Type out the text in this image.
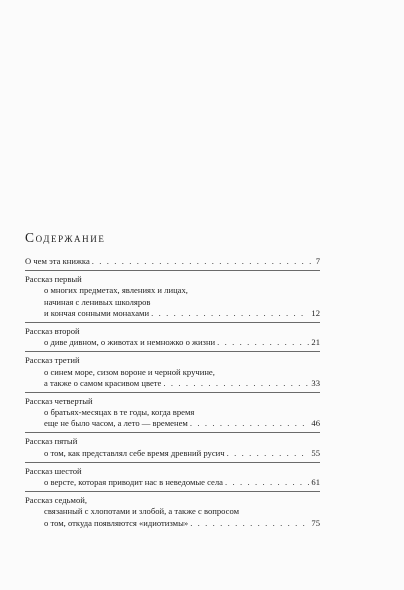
Содержание
О чем эта книжка . . .	7
Рассказ первый
о многих предметах, явлениях и лицах,
начиная с ленивых школяров
и кончая сонными монахами . . .	12
Рассказ второй
о диве дивном, о животах и немножко о жизни . . .	21
Рассказ третий
о синем море, сизом вороне и черной кручине,
а также о самом красивом цвете . . .	33
Рассказ четвертый
о братьях-месяцах в те годы, когда время
еще не было часом, а лето — временем . . .	46
Рассказ пятый
о том, как представлял себе время древний русич . . .	55
Рассказ шестой
о версте, которая приводит нас в неведомые села . . .	61
Рассказ седьмой,
связанный с хлопотами и злобой, а также с вопросом
о том, откуда появляются «идиотизмы» . . .	75
